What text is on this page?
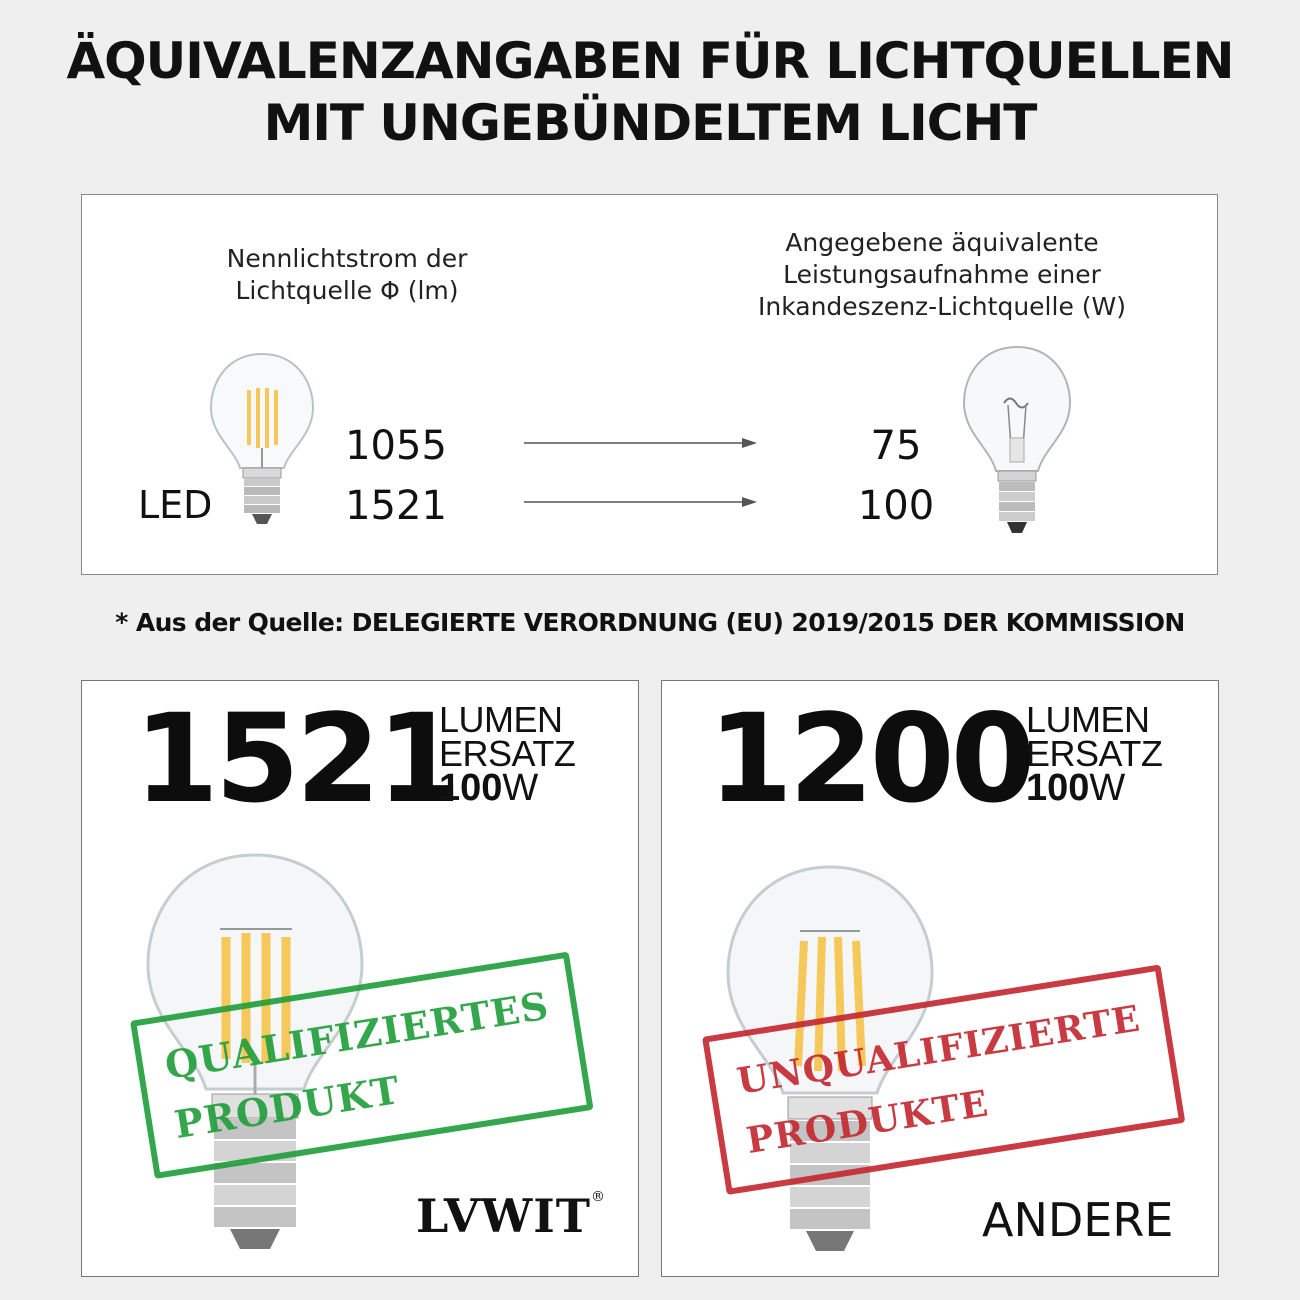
ÄQUIVALENZANGABEN FÜR LICHTQUELLEN
MIT UNGEBÜNDELTEM LICHT
Nennlichtstrom der
Lichtquelle Φ (lm)
Angegebene äquivalente
Leistungsaufnahme einer
Inkandeszenz-Lichtquelle (W)
LED
1055
1521
75
100
* Aus der Quelle: DELEGIERTE VERORDNUNG (EU) 2019/2015 DER KOMMISSION
1521
LUMEN
ERSATZ
100W
QUALIFIZIERTES
PRODUKT
LVWIT®
1200
LUMEN
ERSATZ
100W
UNQUALIFIZIERTE
PRODUKTE
ANDERE
